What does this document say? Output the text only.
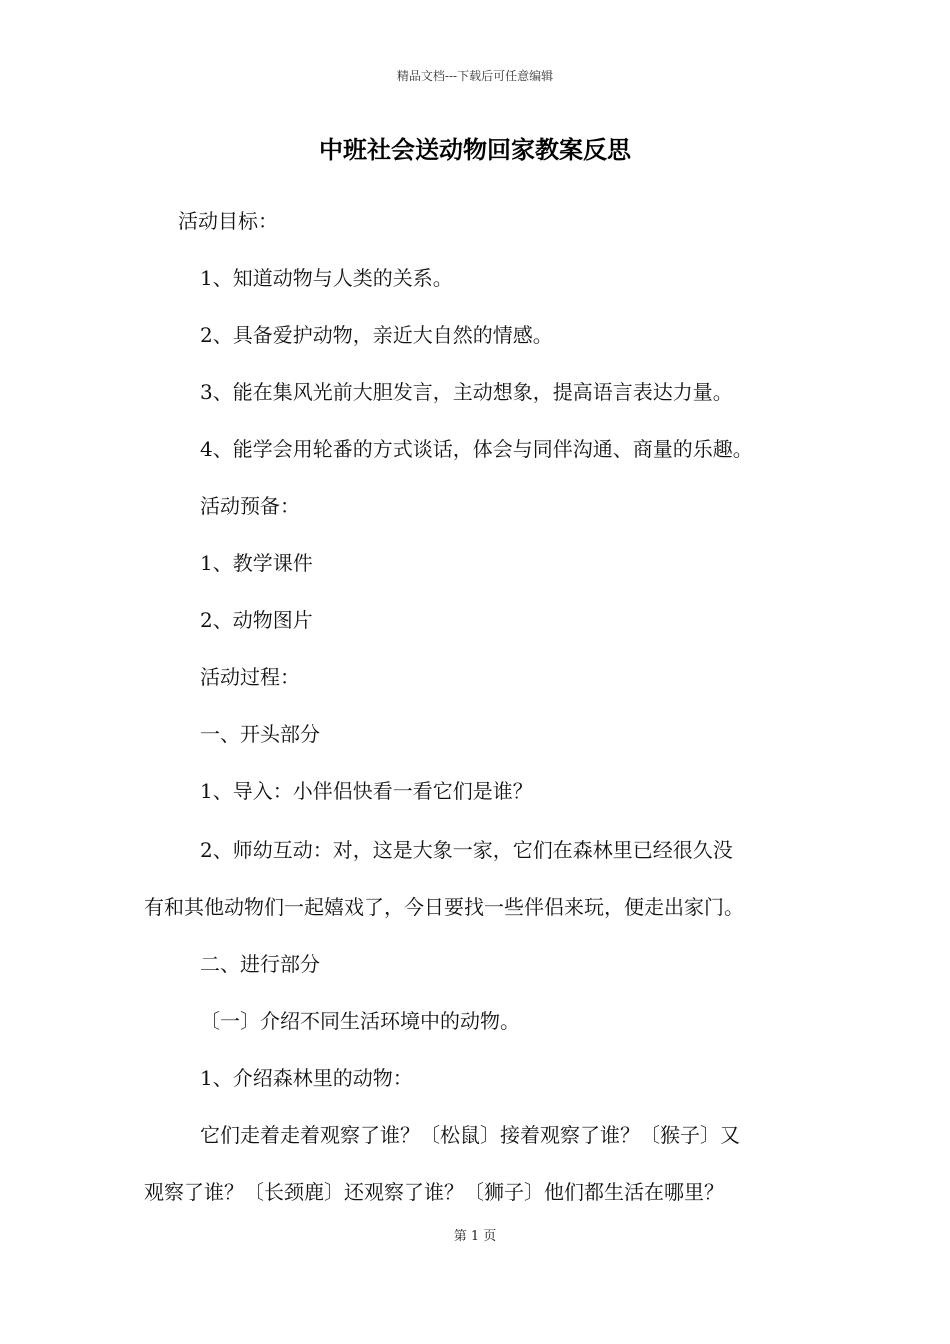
精品文档---下载后可任意编辑
中班社会送动物回家教案反思
活动目标：
1、知道动物与人类的关系。
2、具备爱护动物，亲近大自然的情感。
3、能在集风光前大胆发言，主动想象，提高语言表达力量。
4、能学会用轮番的方式谈话，体会与同伴沟通、商量的乐趣。
活动预备：
1、教学课件
2、动物图片
活动过程：
一、开头部分
1、导入：小伴侣快看一看它们是谁？
2、师幼互动：对，这是大象一家，它们在森林里已经很久没
有和其他动物们一起嬉戏了，今日要找一些伴侣来玩，便走出家门。
二、进行部分
〔一〕介绍不同生活环境中的动物。
1、介绍森林里的动物：
它们走着走着观察了谁？〔松鼠〕接着观察了谁？〔猴子〕又
观察了谁？〔长颈鹿〕还观察了谁？〔狮子〕他们都生活在哪里？
第 1 页
